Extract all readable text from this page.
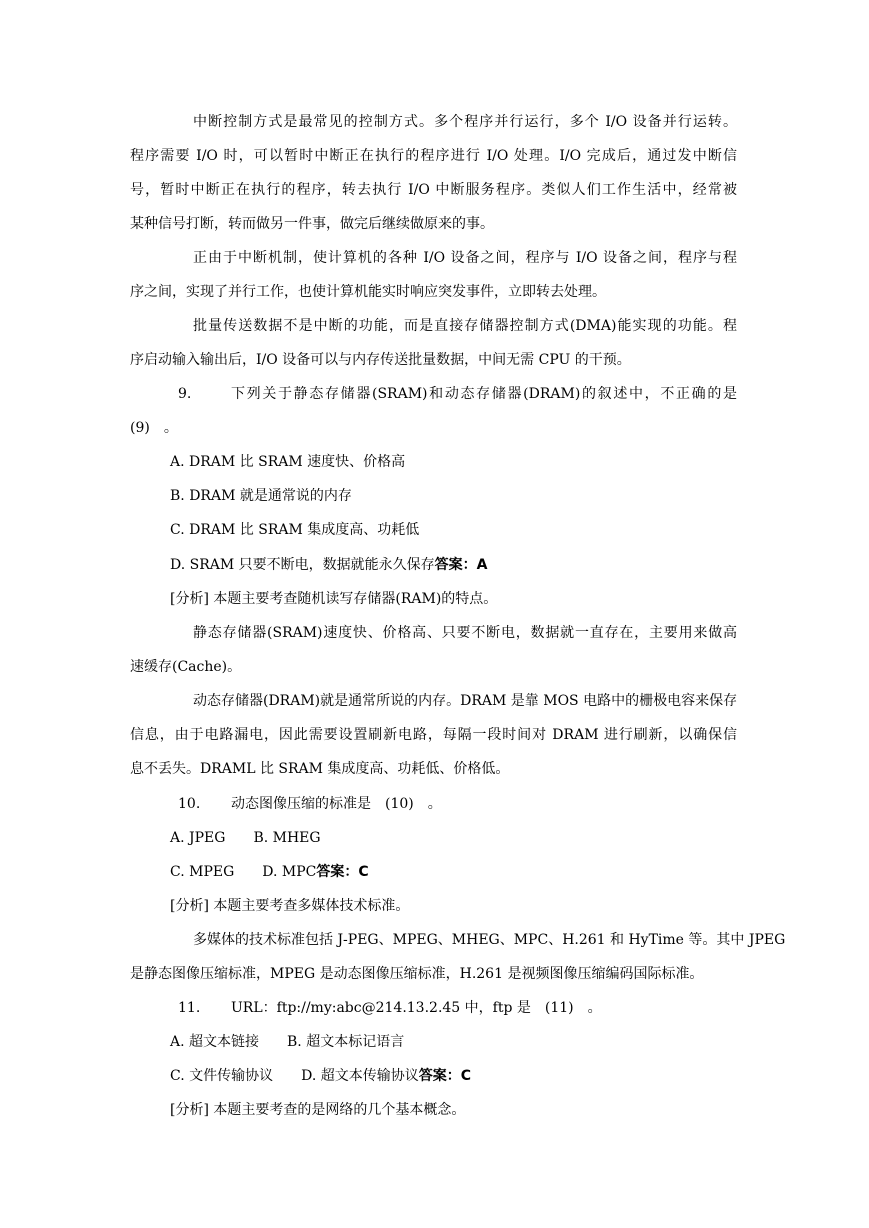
中断控制方式是最常见的控制方式。多个程序并行运行，多个 I/O 设备并行运转。
程序需要 I/O 时，可以暂时中断正在执行的程序进行 I/O 处理。I/O 完成后，通过发中断信
号，暂时中断正在执行的程序，转去执行 I/O 中断服务程序。类似人们工作生活中，经常被
某种信号打断，转而做另一件事，做完后继续做原来的事。
正由于中断机制，使计算机的各种 I/O 设备之间，程序与 I/O 设备之间，程序与程
序之间，实现了并行工作，也使计算机能实时响应突发事件，立即转去处理。
批量传送数据不是中断的功能，而是直接存储器控制方式(DMA)能实现的功能。程
序启动输入输出后，I/O 设备可以与内存传送批量数据，中间无需 CPU 的干预。
9.	下列关于静态存储器(SRAM)和动态存储器(DRAM)的叙述中，不正确的是
(9)　。
A. DRAM 比 SRAM 速度快、价格高
B. DRAM 就是通常说的内存
C. DRAM 比 SRAM 集成度高、功耗低
D. SRAM 只要不断电，数据就能永久保存答案：A
[分析] 本题主要考查随机读写存储器(RAM)的特点。
静态存储器(SRAM)速度快、价格高、只要不断电，数据就一直存在，主要用来做高
速缓存(Cache)。
动态存储器(DRAM)就是通常所说的内存。DRAM 是靠 MOS 电路中的栅极电容来保存
信息，由于电路漏电，因此需要设置刷新电路，每隔一段时间对 DRAM 进行刷新，以确保信
息不丢失。DRAML 比 SRAM 集成度高、功耗低、价格低。
10. 动态图像压缩的标准是　(10)　。
A. JPEG　　B. MHEG
C. MPEG　　D. MPC答案：C
[分析] 本题主要考查多媒体技术标准。
多媒体的技术标准包括 J-PEG、MPEG、MHEG、MPC、H.261 和 HyTime 等。其中 JPEG
是静态图像压缩标准，MPEG 是动态图像压缩标准，H.261 是视频图像压缩编码国际标准。
11. URL：ftp://my:abc@214.13.2.45 中，ftp 是　(11)　。
A. 超文本链接　　B. 超文本标记语言
C. 文件传输协议　　D. 超文本传输协议答案：C
[分析] 本题主要考查的是网络的几个基本概念。
